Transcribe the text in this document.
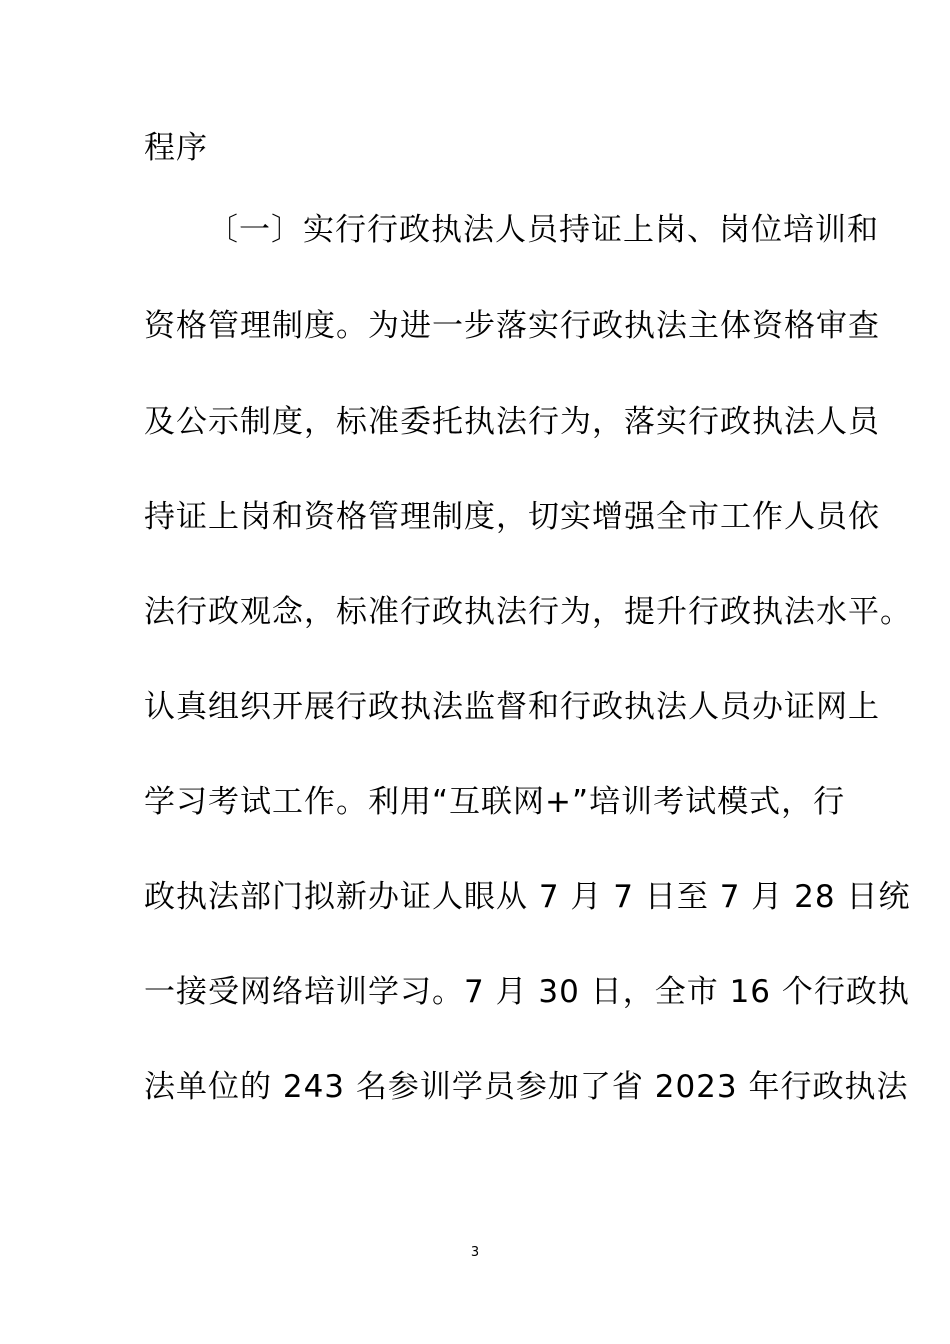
程序
〔一〕实行行政执法人员持证上岗、岗位培训和
资格管理制度。为进一步落实行政执法主体资格审查
及公示制度，标准委托执法行为，落实行政执法人员
持证上岗和资格管理制度，切实增强全市工作人员依
法行政观念，标准行政执法行为，提升行政执法水平。
认真组织开展行政执法监督和行政执法人员办证网上
学习考试工作。利用“互联网+”培训考试模式，行
政执法部门拟新办证人眼从 7 月 7 日至 7 月 28 日统
一接受网络培训学习。7 月 30 日，全市 16 个行政执
法单位的 243 名参训学员参加了省 2023 年行政执法
3
